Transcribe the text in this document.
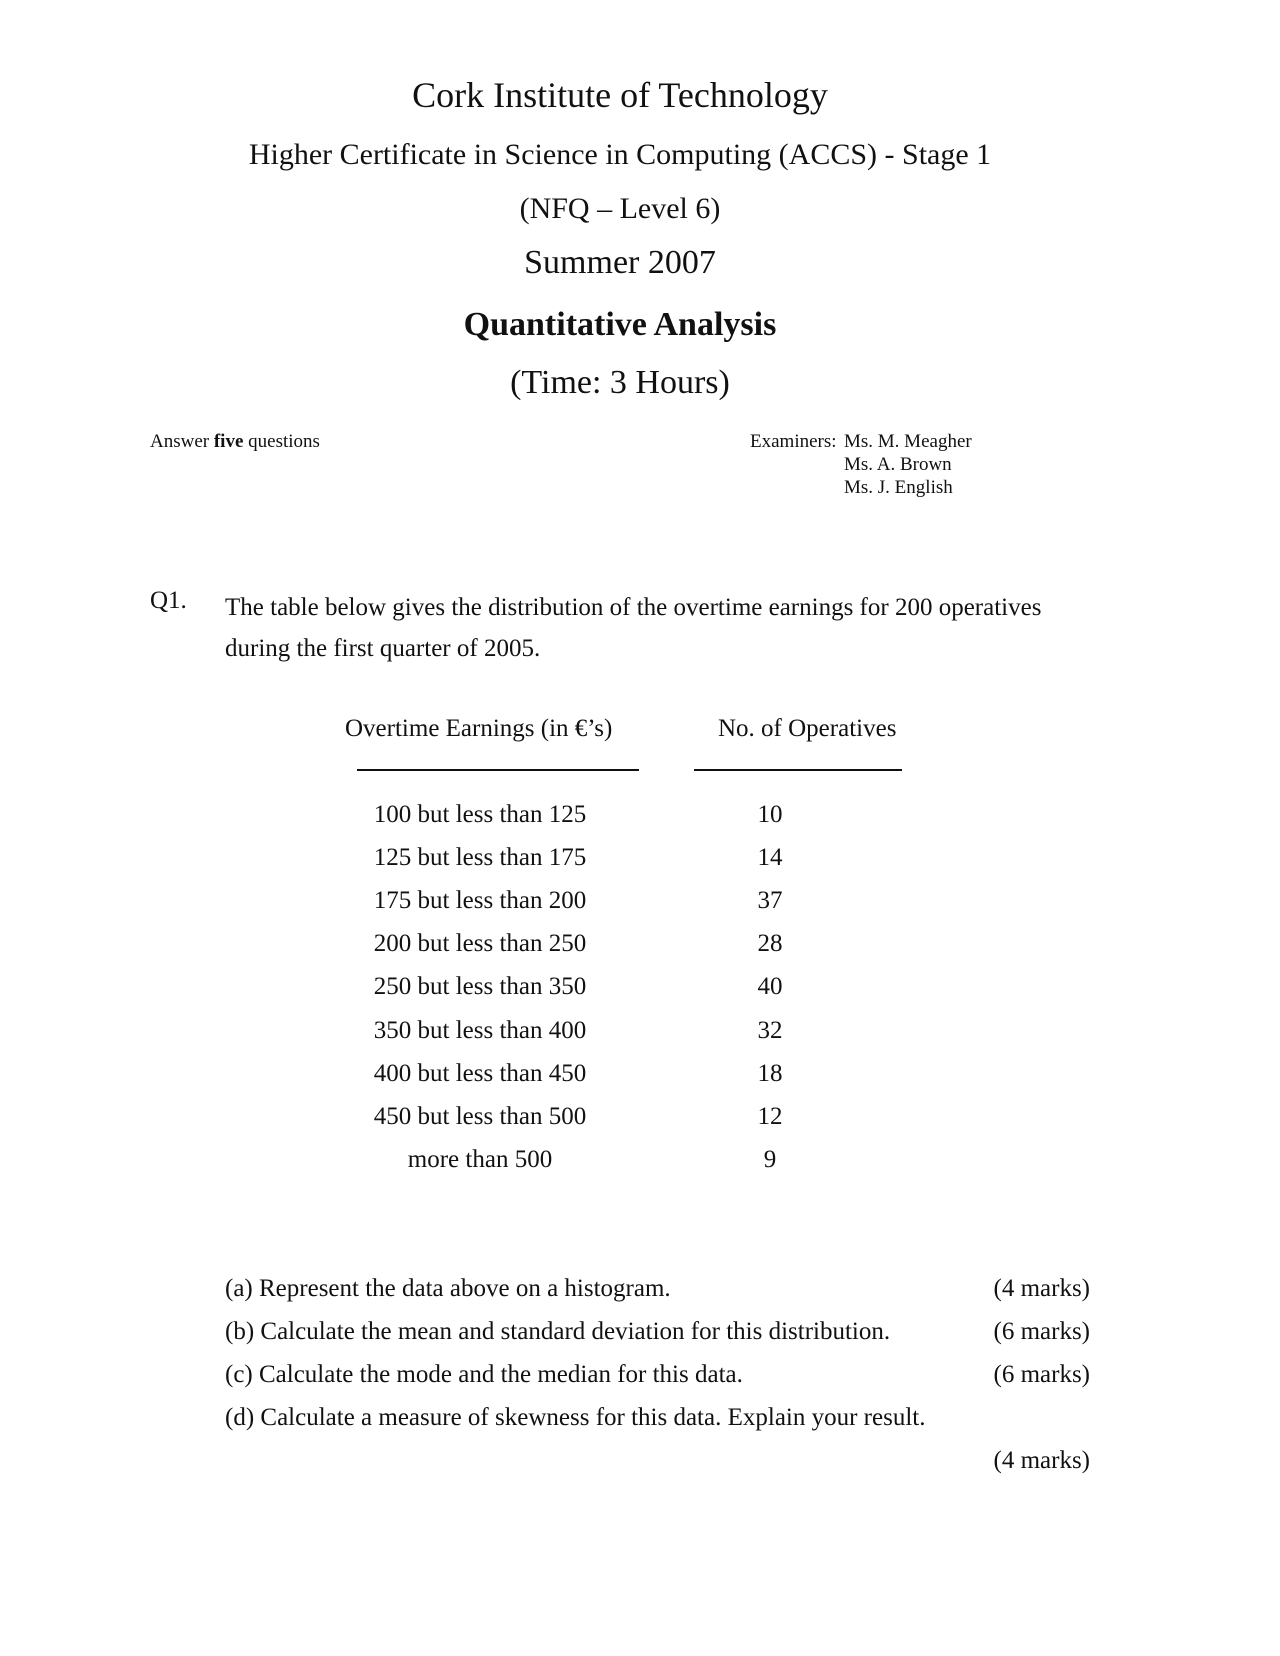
Cork Institute of Technology
Higher Certificate in Science in Computing (ACCS) - Stage 1
(NFQ – Level 6)
Summer 2007
Quantitative Analysis
(Time: 3 Hours)
Answer five questions	Examiners: Ms. M. Meagher
Ms. A. Brown
Ms. J. English
Q1. The table below gives the distribution of the overtime earnings for 200 operatives during the first quarter of 2005.
Overtime Earnings (in €’s)	No. of Operatives
100 but less than 125	10
125 but less than 175	14
175 but less than 200	37
200 but less than 250	28
250 but less than 350	40
350 but less than 400	32
400 but less than 450	18
450 but less than 500	12
more than 500	9
(a) Represent the data above on a histogram.	(4 marks)
(b) Calculate the mean and standard deviation for this distribution.	(6 marks)
(c) Calculate the mode and the median for this data.	(6 marks)
(d) Calculate a measure of skewness for this data. Explain your result.
(4 marks)
